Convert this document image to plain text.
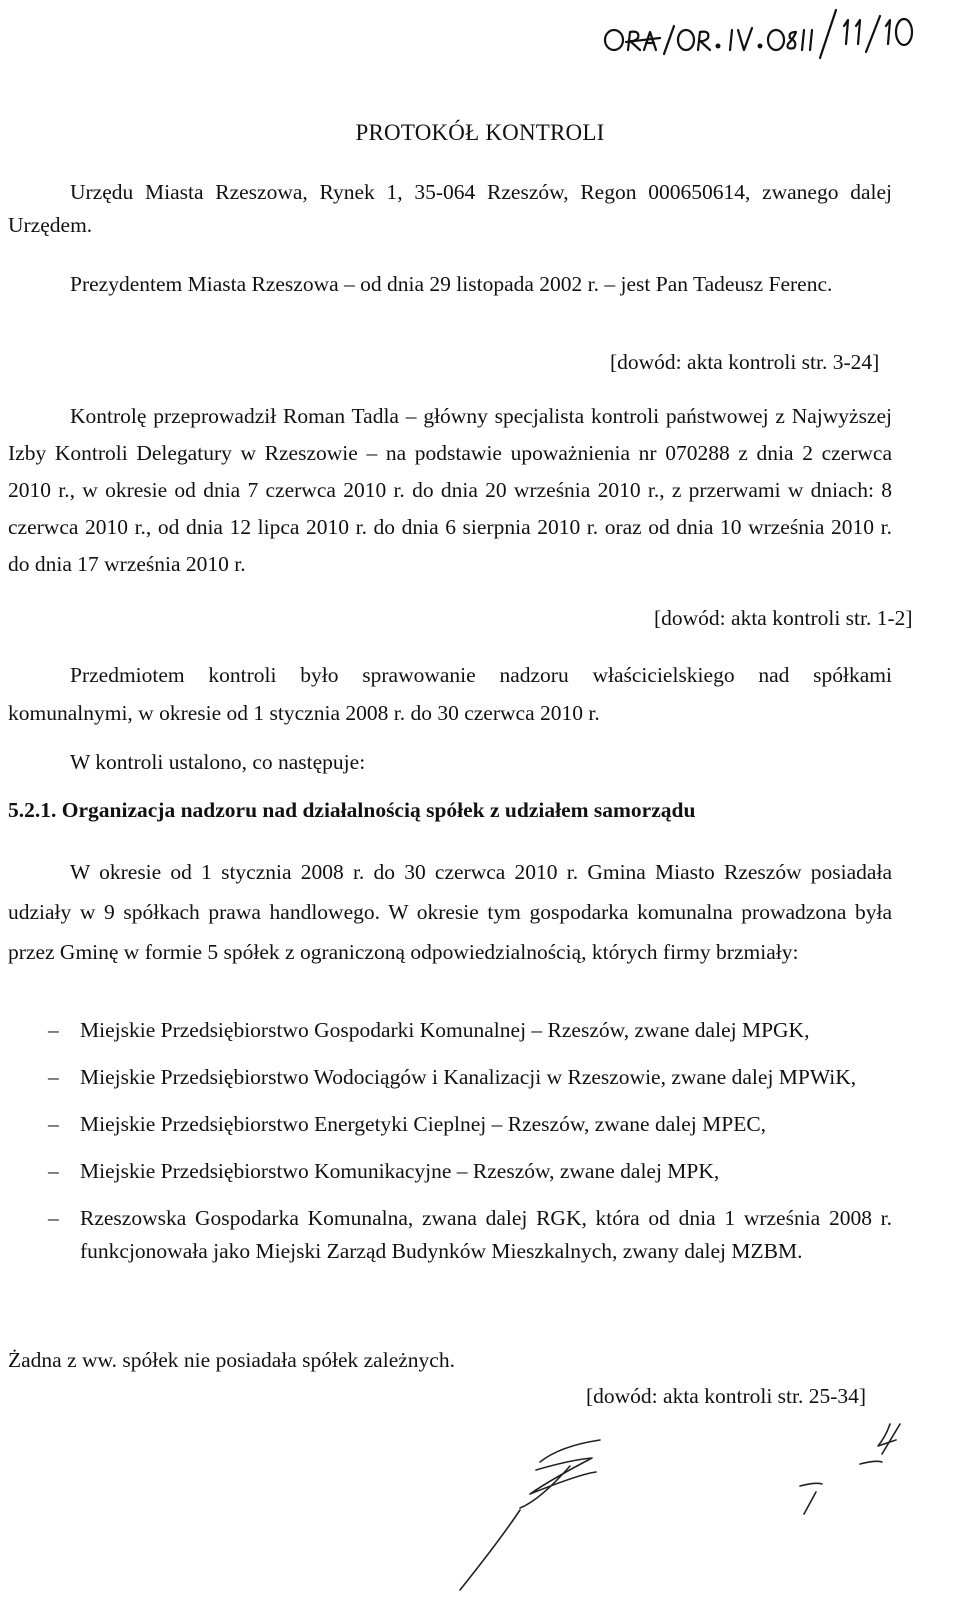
PROTOKÓŁ KONTROLI
Urzędu Miasta Rzeszowa, Rynek 1, 35-064 Rzeszów, Regon 000650614, zwanego dalej Urzędem.
Prezydentem Miasta Rzeszowa – od dnia 29 listopada 2002 r. – jest Pan Tadeusz Ferenc.
[dowód: akta kontroli str. 3-24]
Kontrolę przeprowadził Roman Tadla – główny specjalista kontroli państwowej z Najwyższej Izby Kontroli Delegatury w Rzeszowie – na podstawie upoważnienia nr 070288 z dnia 2 czerwca 2010 r., w okresie od dnia 7 czerwca 2010 r. do dnia 20 września 2010 r., z przerwami w dniach: 8 czerwca 2010 r., od dnia 12 lipca 2010 r. do dnia 6 sierpnia 2010 r. oraz od dnia 10 września 2010 r. do dnia 17 września 2010 r.
[dowód: akta kontroli str. 1-2]
Przedmiotem kontroli było sprawowanie nadzoru właścicielskiego nad spółkami komunalnymi, w okresie od 1 stycznia 2008 r. do 30 czerwca 2010 r.
W kontroli ustalono, co następuje:
5.2.1. Organizacja nadzoru nad działalnością spółek z udziałem samorządu
W okresie od 1 stycznia 2008 r. do 30 czerwca 2010 r. Gmina Miasto Rzeszów posiadała udziały w 9 spółkach prawa handlowego. W okresie tym gospodarka komunalna prowadzona była przez Gminę w formie 5 spółek z ograniczoną odpowiedzialnością, których firmy brzmiały:
– Miejskie Przedsiębiorstwo Gospodarki Komunalnej – Rzeszów, zwane dalej MPGK,
– Miejskie Przedsiębiorstwo Wodociągów i Kanalizacji w Rzeszowie, zwane dalej MPWiK,
– Miejskie Przedsiębiorstwo Energetyki Cieplnej – Rzeszów, zwane dalej MPEC,
– Miejskie Przedsiębiorstwo Komunikacyjne – Rzeszów, zwane dalej MPK,
– Rzeszowska Gospodarka Komunalna, zwana dalej RGK, która od dnia 1 września 2008 r. funkcjonowała jako Miejski Zarząd Budynków Mieszkalnych, zwany dalej MZBM.
Żadna z ww. spółek nie posiadała spółek zależnych.
[dowód: akta kontroli str. 25-34]
